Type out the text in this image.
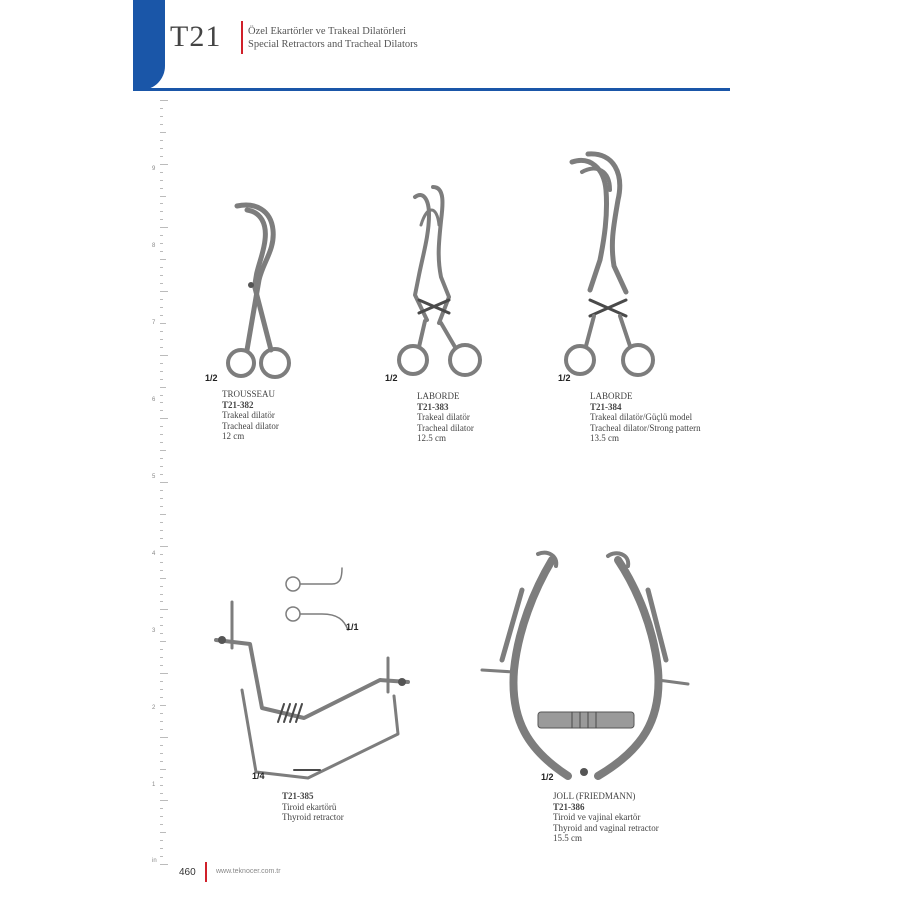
T21	Özel Ekartörler ve Trakeal Dilatörleri
Special Retractors and Tracheal Dilators
9
8
7
6
5
4
3
2
1
in
1/2
TROUSSEAU
T21-382
Trakeal dilatör
Tracheal dilator
12 cm
1/2
LABORDE
T21-383
Trakeal dilatör
Tracheal dilator
12.5 cm
1/2
LABORDE
T21-384
Trakeal dilatör/Güçlü model
Tracheal dilator/Strong pattern
13.5 cm
1/1
1/4
T21-385
Tiroid ekartörü
Thyroid retractor
1/2
JOLL (FRIEDMANN)
T21-386
Tiroid ve vajinal ekartör
Thyroid and vaginal retractor
15.5 cm
460	www.teknocer.com.tr
